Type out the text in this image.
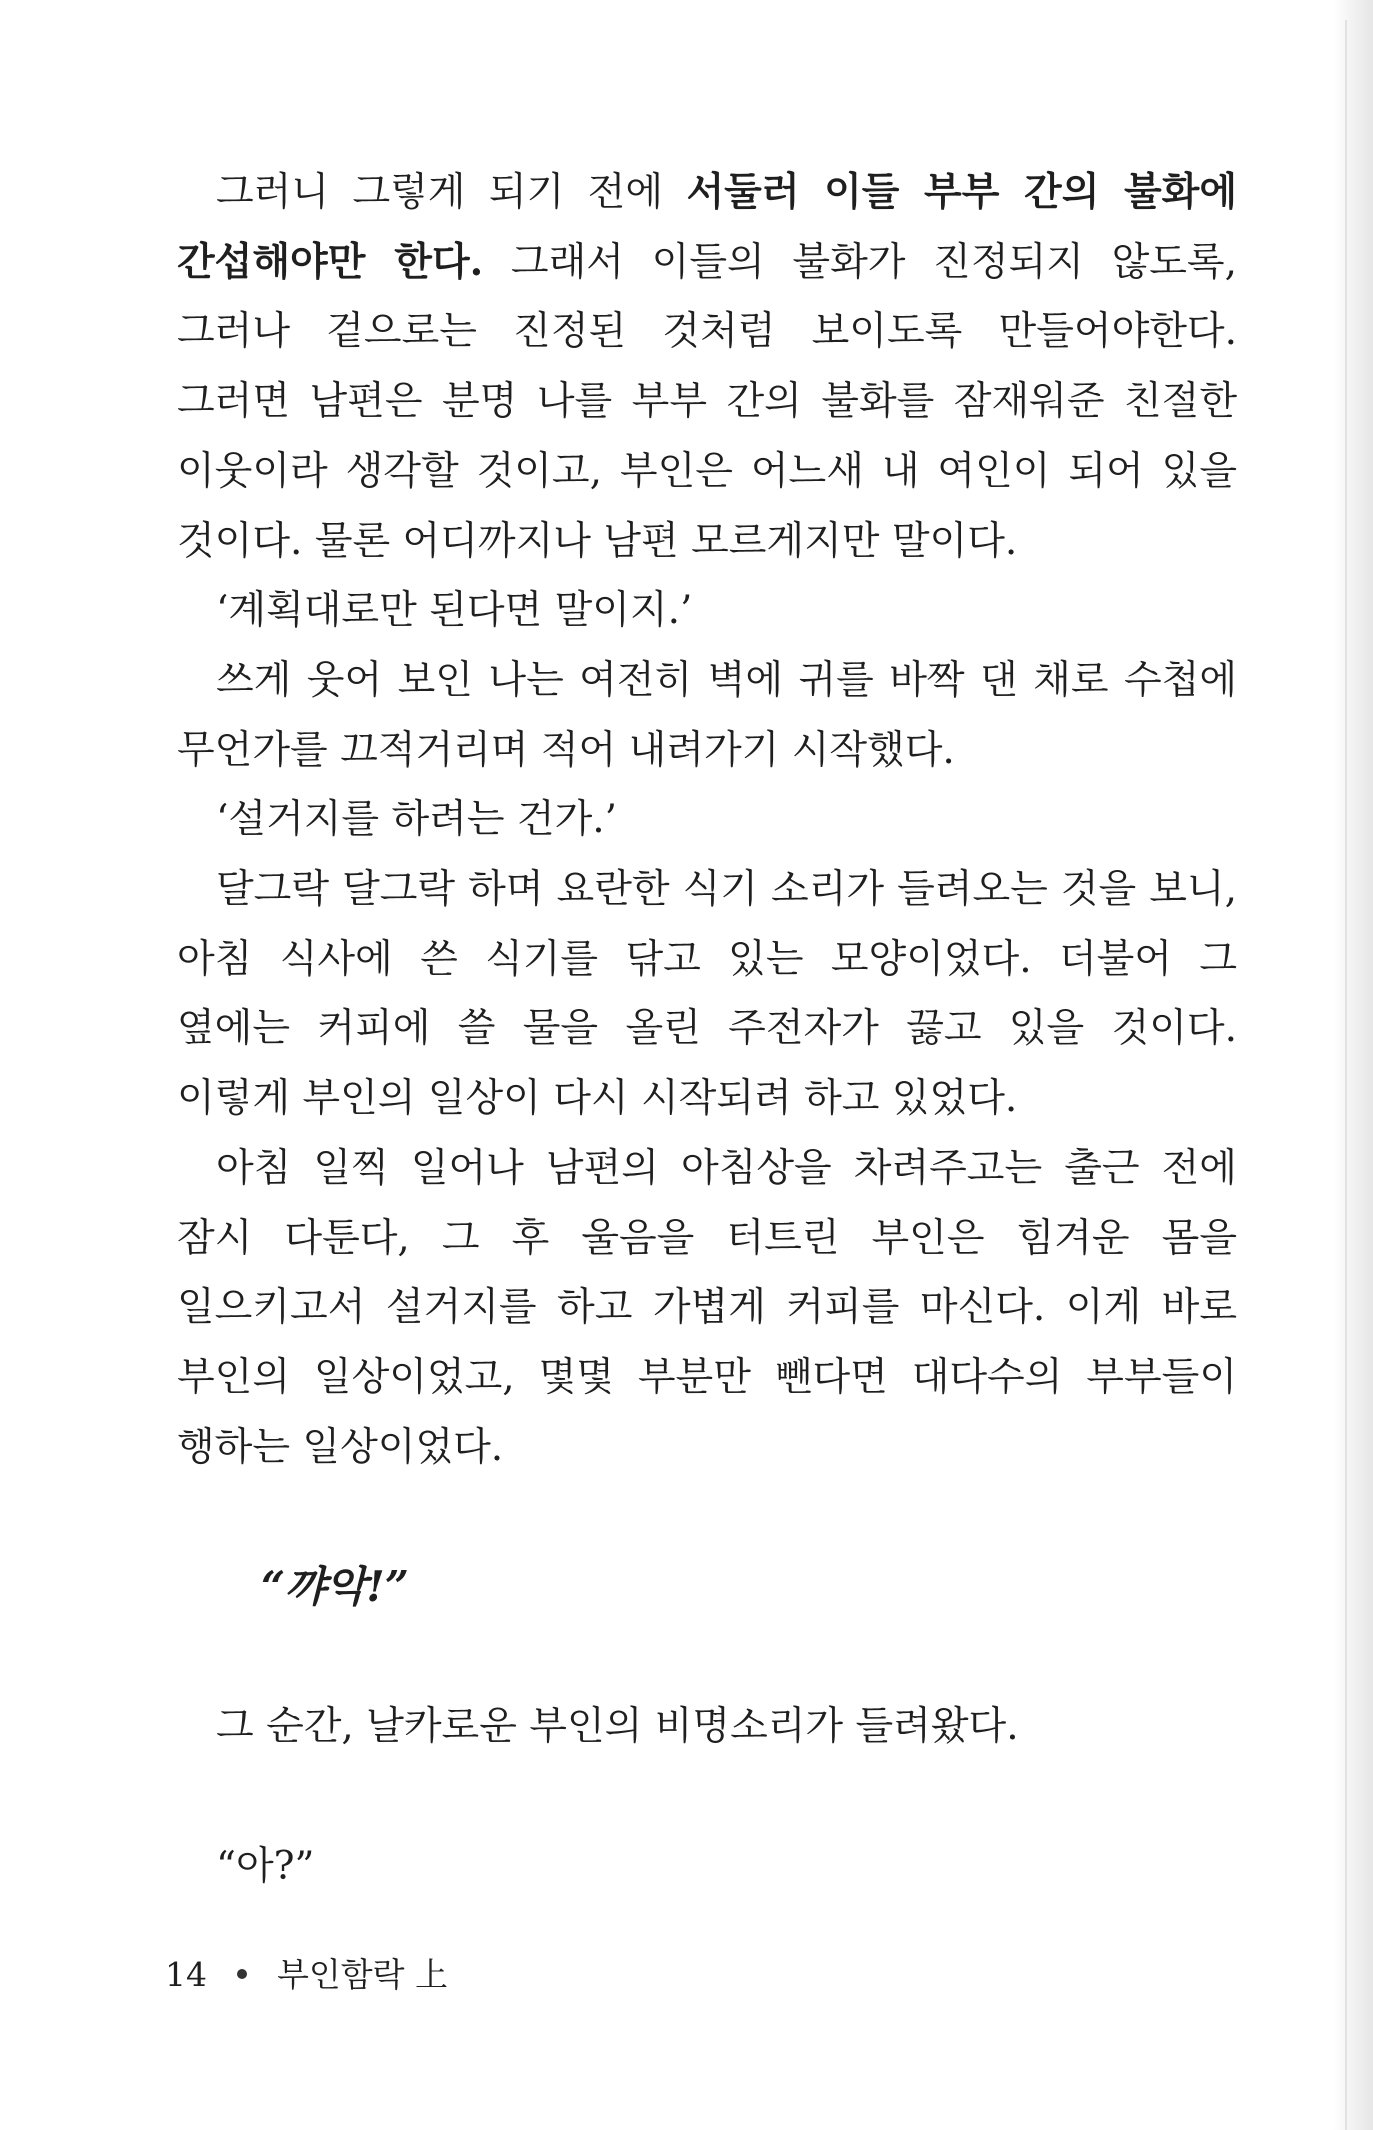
그러니 그렇게 되기 전에 서둘러 이들 부부 간의 불화에 간섭해야만 한다. 그래서 이들의 불화가 진정되지 않도록, 그러나 겉으로는 진정된 것처럼 보이도록 만들어야한다. 그러면 남편은 분명 나를 부부 간의 불화를 잠재워준 친절한 이웃이라 생각할 것이고, 부인은 어느새 내 여인이 되어 있을 것이다. 물론 어디까지나 남편 모르게지만 말이다.

‘계획대로만 된다면 말이지.’

쓰게 웃어 보인 나는 여전히 벽에 귀를 바짝 댄 채로 수첩에 무언가를 끄적거리며 적어 내려가기 시작했다.

‘설거지를 하려는 건가.’

달그락 달그락 하며 요란한 식기 소리가 들려오는 것을 보니, 아침 식사에 쓴 식기를 닦고 있는 모양이었다. 더불어 그 옆에는 커피에 쓸 물을 올린 주전자가 끓고 있을 것이다. 이렇게 부인의 일상이 다시 시작되려 하고 있었다.

아침 일찍 일어나 남편의 아침상을 차려주고는 출근 전에 잠시 다툰다, 그 후 울음을 터트린 부인은 힘겨운 몸을 일으키고서 설거지를 하고 가볍게 커피를 마신다. 이게 바로 부인의 일상이었고, 몇몇 부분만 뺀다면 대다수의 부부들이 행하는 일상이었다.

“꺄악!”

그 순간, 날카로운 부인의 비명소리가 들려왔다.

“아?”

14 부인함락 上
